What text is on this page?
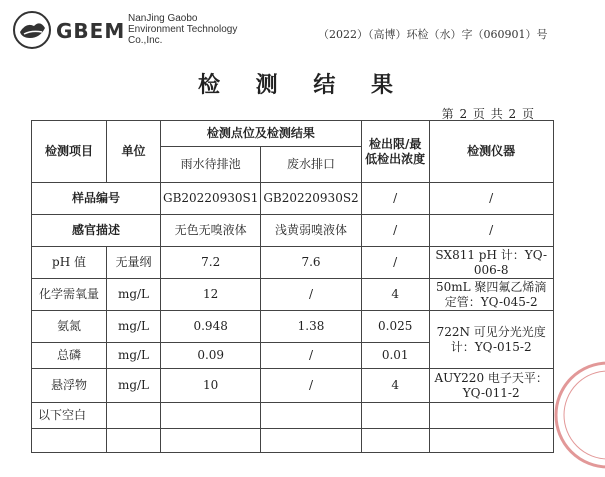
GBEM
NanJing Gaobo
Environment Technology
Co.,Inc.	（2022）（高博）环检（水）字（060901）号
检 测 结 果
第 2 页 共 2 页
检测项目	单位	检测点位及检测结果		检出限/最低检出浓度	检测仪器
		雨水待排池	废水排口		
样品编号		GB20220930S1	GB20220930S2	/	/
感官描述		无色无嗅液体	浅黄弱嗅液体	/	/
pH 值	无量纲	7.2	7.6	/	SX811 pH 计：YQ-006-8
化学需氧量	mg/L	12	/	4	50mL 聚四氟乙烯滴定管：YQ-045-2
氨氮	mg/L	0.948	1.38	0.025	722N 可见分光光度计：YQ-015-2
总磷	mg/L	0.09	/	0.01	
悬浮物	mg/L	10	/	4	AUY220 电子天平：YQ-011-2
以下空白					
